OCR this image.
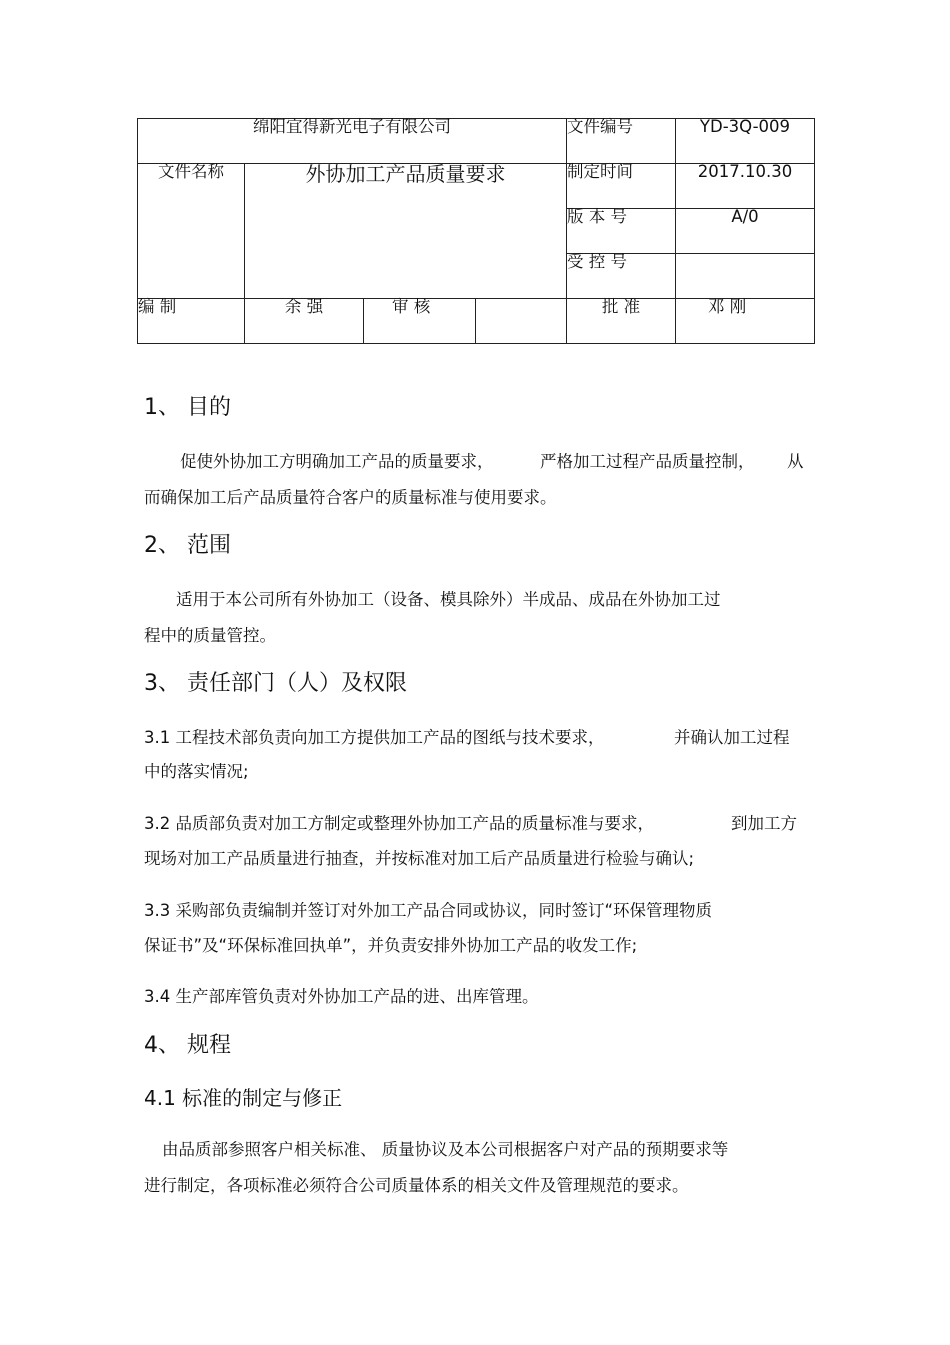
绵阳宜得新光电子有限公司				文件编号	YD-3Q-009
文件名称	外协加工产品质量要求			制定时间	2017.10.30
				版 本 号	A/0
				受 控 号	
编 制	余 强	审 核		批 准	邓 刚
1、 目的
促使外协加工方明确加工产品的质量要求，	严格加工过程产品质量控制， 从
而确保加工后产品质量符合客户的质量标准与使用要求。
2、 范围
适用于本公司所有外协加工（设备、模具除外）半成品、成品在外协加工过
程中的质量管控。
3、 责任部门（人）及权限
3.1 工程技术部负责向加工方提供加工产品的图纸与技术要求，	并确认加工过程
中的落实情况;
3.2 品质部负责对加工方制定或整理外协加工产品的质量标准与要求，	到加工方
现场对加工产品质量进行抽查，并按标准对加工后产品质量进行检验与确认;
3.3 采购部负责编制并签订对外加工产品合同或协议，同时签订“环保管理物质
保证书”及“环保标准回执单”，并负责安排外协加工产品的收发工作;
3.4 生产部库管负责对外协加工产品的进、出库管理。
4、 规程
4.1 标准的制定与修正
由品质部参照客户相关标准、 质量协议及本公司根据客户对产品的预期要求等
进行制定，各项标准必须符合公司质量体系的相关文件及管理规范的要求。
